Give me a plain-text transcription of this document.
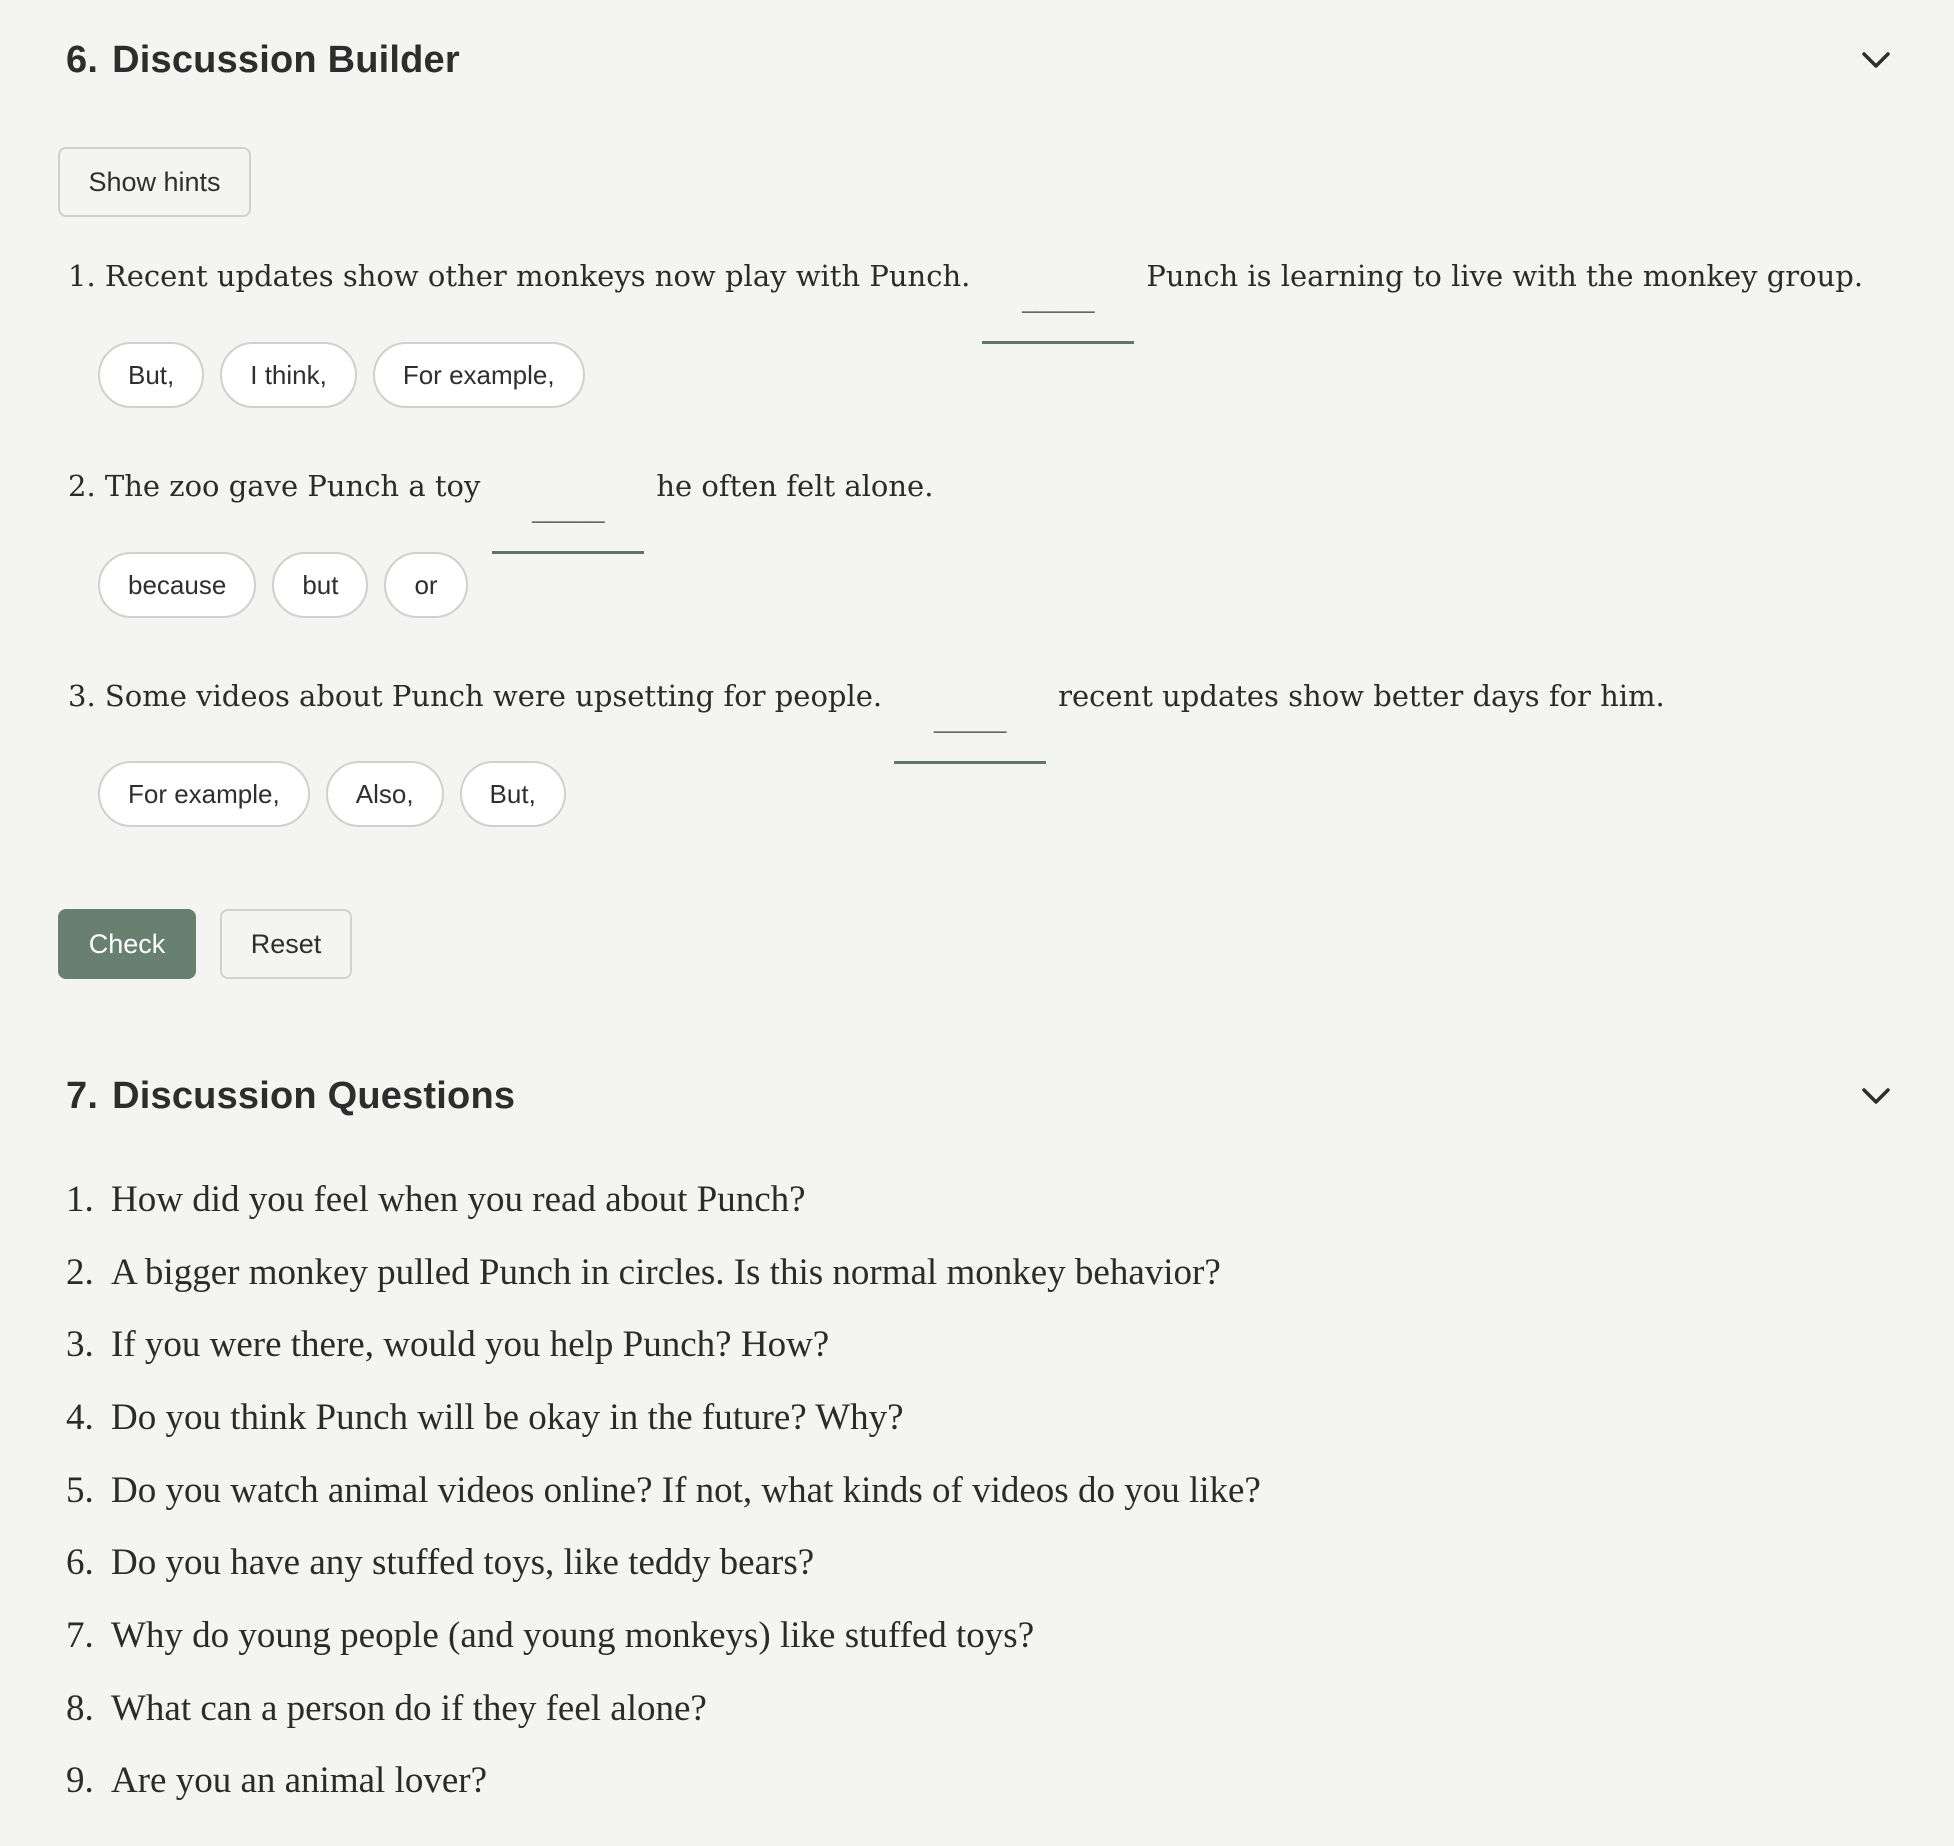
6. Discussion Builder
Show hints
1.
Recent updates show other monkeys now play with Punch.
_____
Punch is learning to live with the monkey group.
But,	I think,	For example,
2.
The zoo gave Punch a toy
_____
he often felt alone.
because	but	or
3.
Some videos about Punch were upsetting for people.
_____
recent updates show better days for him.
For example,	Also,	But,
Check	Reset
7. Discussion Questions
1. How did you feel when you read about Punch?
2. A bigger monkey pulled Punch in circles. Is this normal monkey behavior?
3. If you were there, would you help Punch? How?
4. Do you think Punch will be okay in the future? Why?
5. Do you watch animal videos online? If not, what kinds of videos do you like?
6. Do you have any stuffed toys, like teddy bears?
7. Why do young people (and young monkeys) like stuffed toys?
8. What can a person do if they feel alone?
9. Are you an animal lover?
